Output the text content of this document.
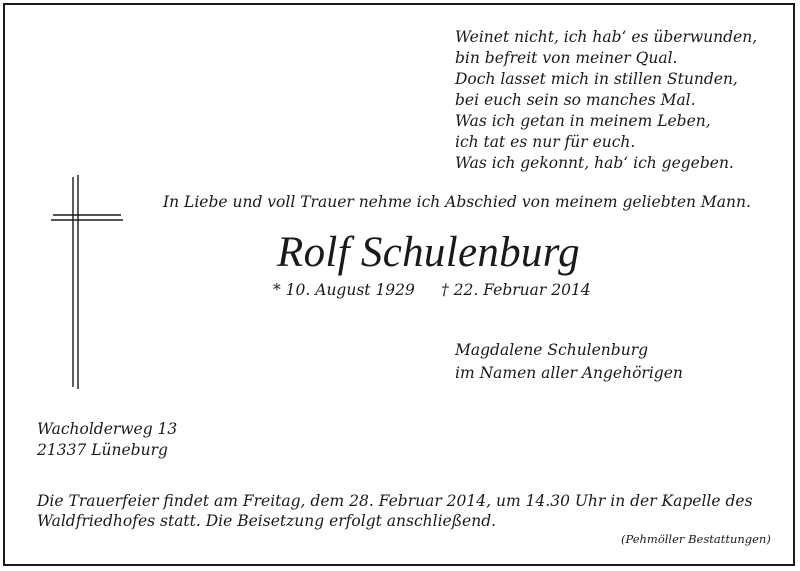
Weinet nicht, ich hab‘ es überwunden,
bin befreit von meiner Qual.
Doch lasset mich in stillen Stunden,
bei euch sein so manches Mal.
Was ich getan in meinem Leben,
ich tat es nur für euch.
Was ich gekonnt, hab‘ ich gegeben.
In Liebe und voll Trauer nehme ich Abschied von meinem geliebten Mann.
Rolf Schulenburg
* 10. August 1929 † 22. Februar 2014
Magdalene Schulenburg
im Namen aller Angehörigen
Wacholderweg 13
21337 Lüneburg
Die Trauerfeier findet am Freitag, dem 28. Februar 2014, um 14.30 Uhr in der Kapelle des
Waldfriedhofes statt. Die Beisetzung erfolgt anschließend.
(Pehmöller Bestattungen)
